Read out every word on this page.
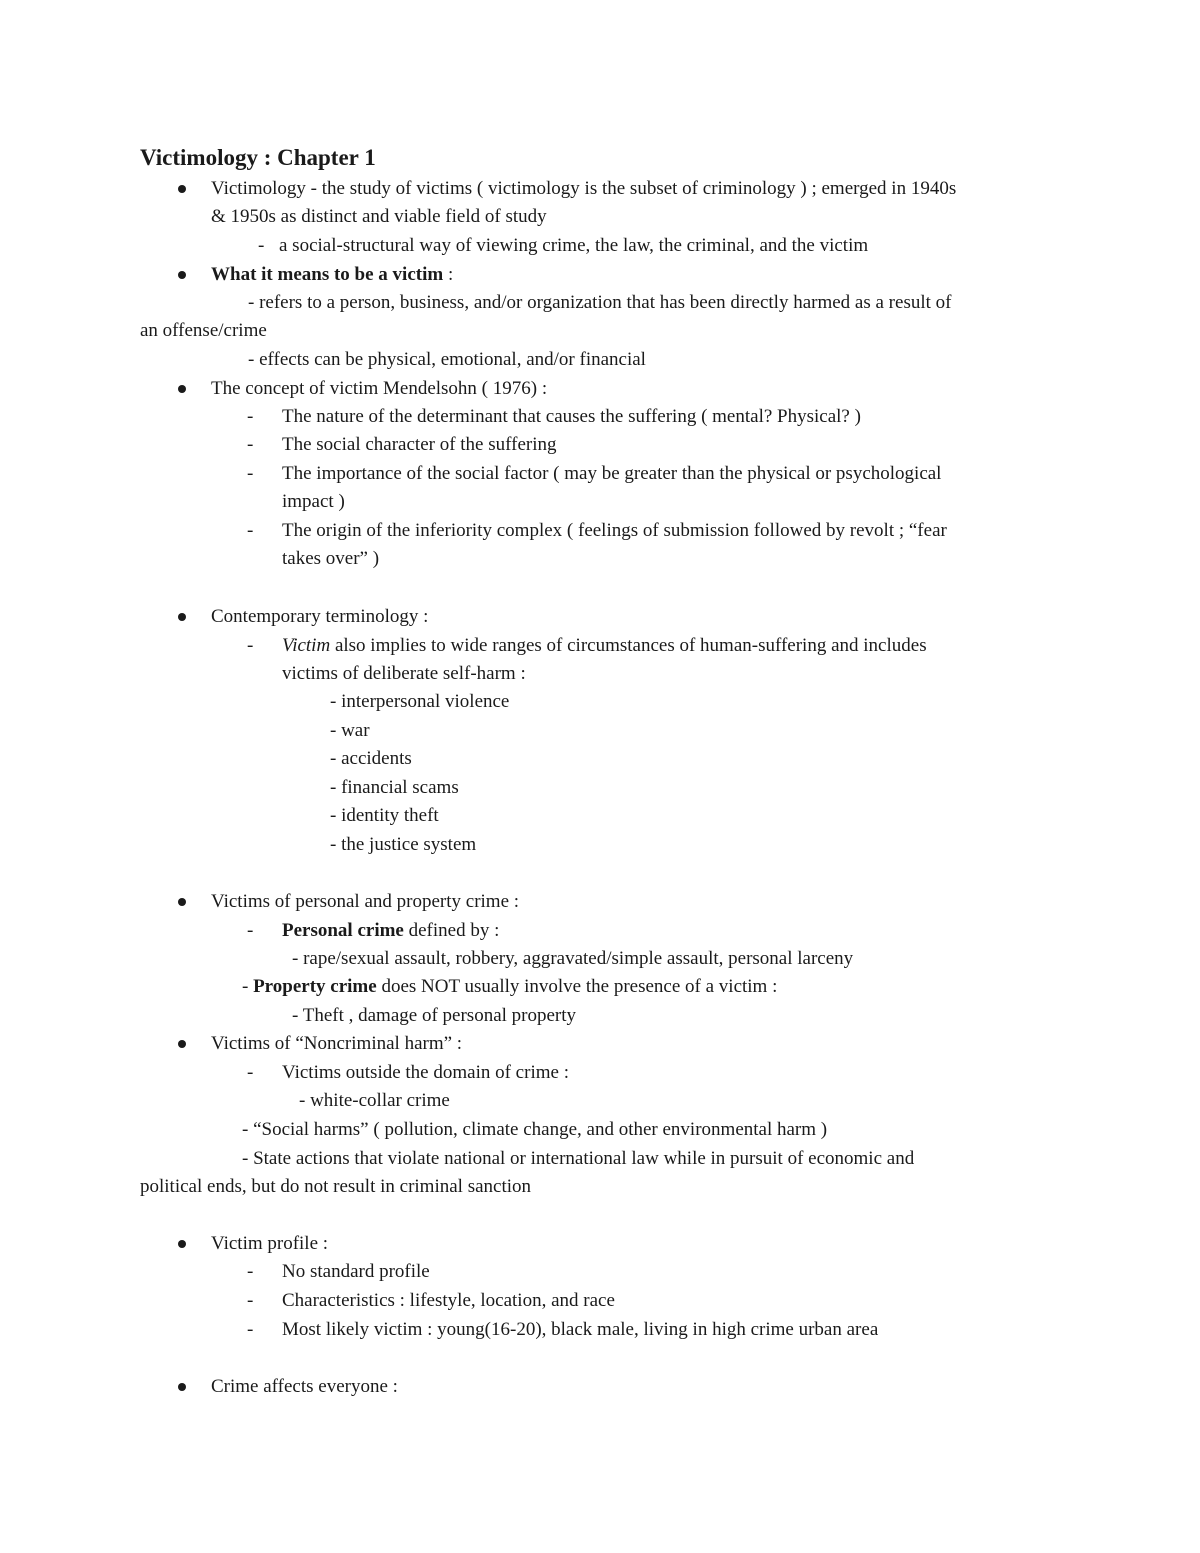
Victimology : Chapter 1
Victimology - the study of victims ( victimology is the subset of criminology ) ; emerged in 1940s
& 1950s as distinct and viable field of study
- a social-structural way of viewing crime, the law, the criminal, and the victim
What it means to be a victim :
- refers to a person, business, and/or organization that has been directly harmed as a result of
an offense/crime
- effects can be physical, emotional, and/or financial
The concept of victim Mendelsohn ( 1976) :
- The nature of the determinant that causes the suffering ( mental? Physical? )
- The social character of the suffering
- The importance of the social factor ( may be greater than the physical or psychological
impact )
- The origin of the inferiority complex ( feelings of submission followed by revolt ; “fear
takes over” )
Contemporary terminology :
- Victim also implies to wide ranges of circumstances of human-suffering and includes
victims of deliberate self-harm :
- interpersonal violence
- war
- accidents
- financial scams
- identity theft
- the justice system
Victims of personal and property crime :
- Personal crime defined by :
- rape/sexual assault, robbery, aggravated/simple assault, personal larceny
- Property crime does NOT usually involve the presence of a victim :
- Theft , damage of personal property
Victims of “Noncriminal harm” :
- Victims outside the domain of crime :
- white-collar crime
- “Social harms” ( pollution, climate change, and other environmental harm )
- State actions that violate national or international law while in pursuit of economic and
political ends, but do not result in criminal sanction
Victim profile :
- No standard profile
- Characteristics : lifestyle, location, and race
- Most likely victim : young(16-20), black male, living in high crime urban area
Crime affects everyone :
